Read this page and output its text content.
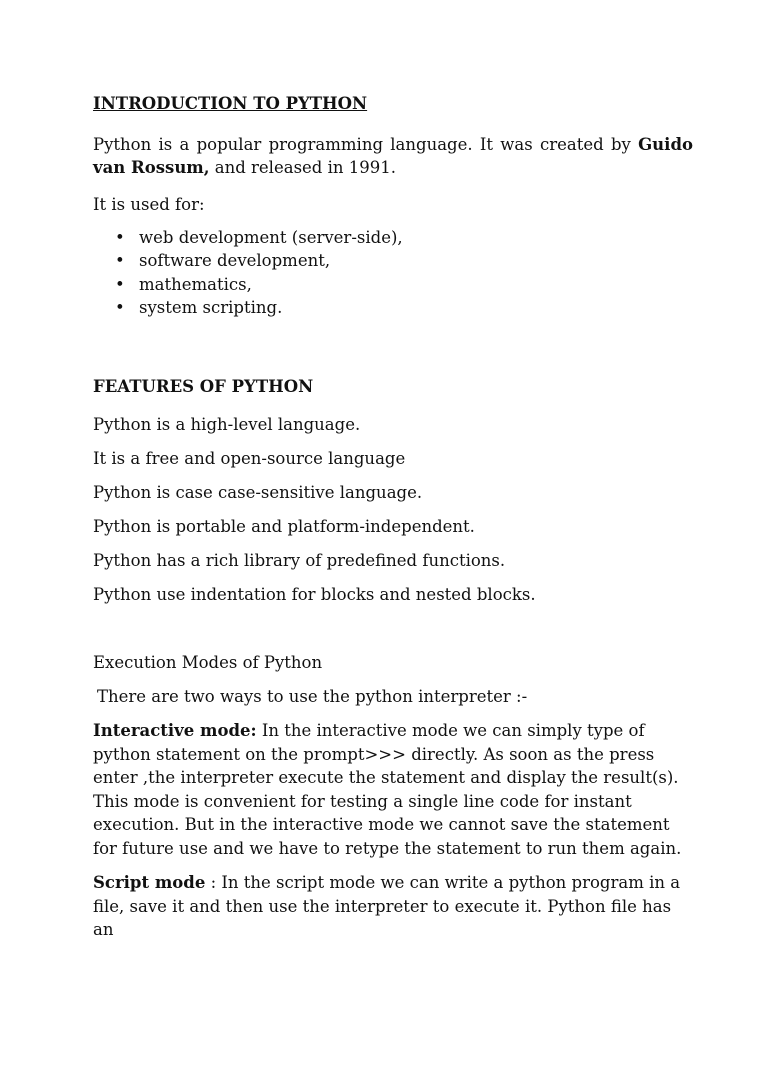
INTRODUCTION TO PYTHON

Python is a popular programming language. It was created by Guido van Rossum, and released in 1991.

It is used for:

• web development (server-side),
• software development,
• mathematics,
• system scripting.

FEATURES OF PYTHON

Python is a high-level language.

It is a free and open-source language

Python is case case-sensitive language.

Python is portable and platform-independent.

Python has a rich library of predefined functions.

Python use indentation for blocks and nested blocks.

Execution Modes of Python

There are two ways to use the python interpreter :-

Interactive mode: In the interactive mode we can simply type of python statement on the prompt>>> directly. As soon as the press enter ,the interpreter execute the statement and display the result(s). This mode is convenient for testing a single line code for instant execution. But in the interactive mode we cannot save the statement for future use and we have to retype the statement to run them again.

Script mode : In the script mode we can write a python program in a file, save it and then use the interpreter to execute it. Python file has an
